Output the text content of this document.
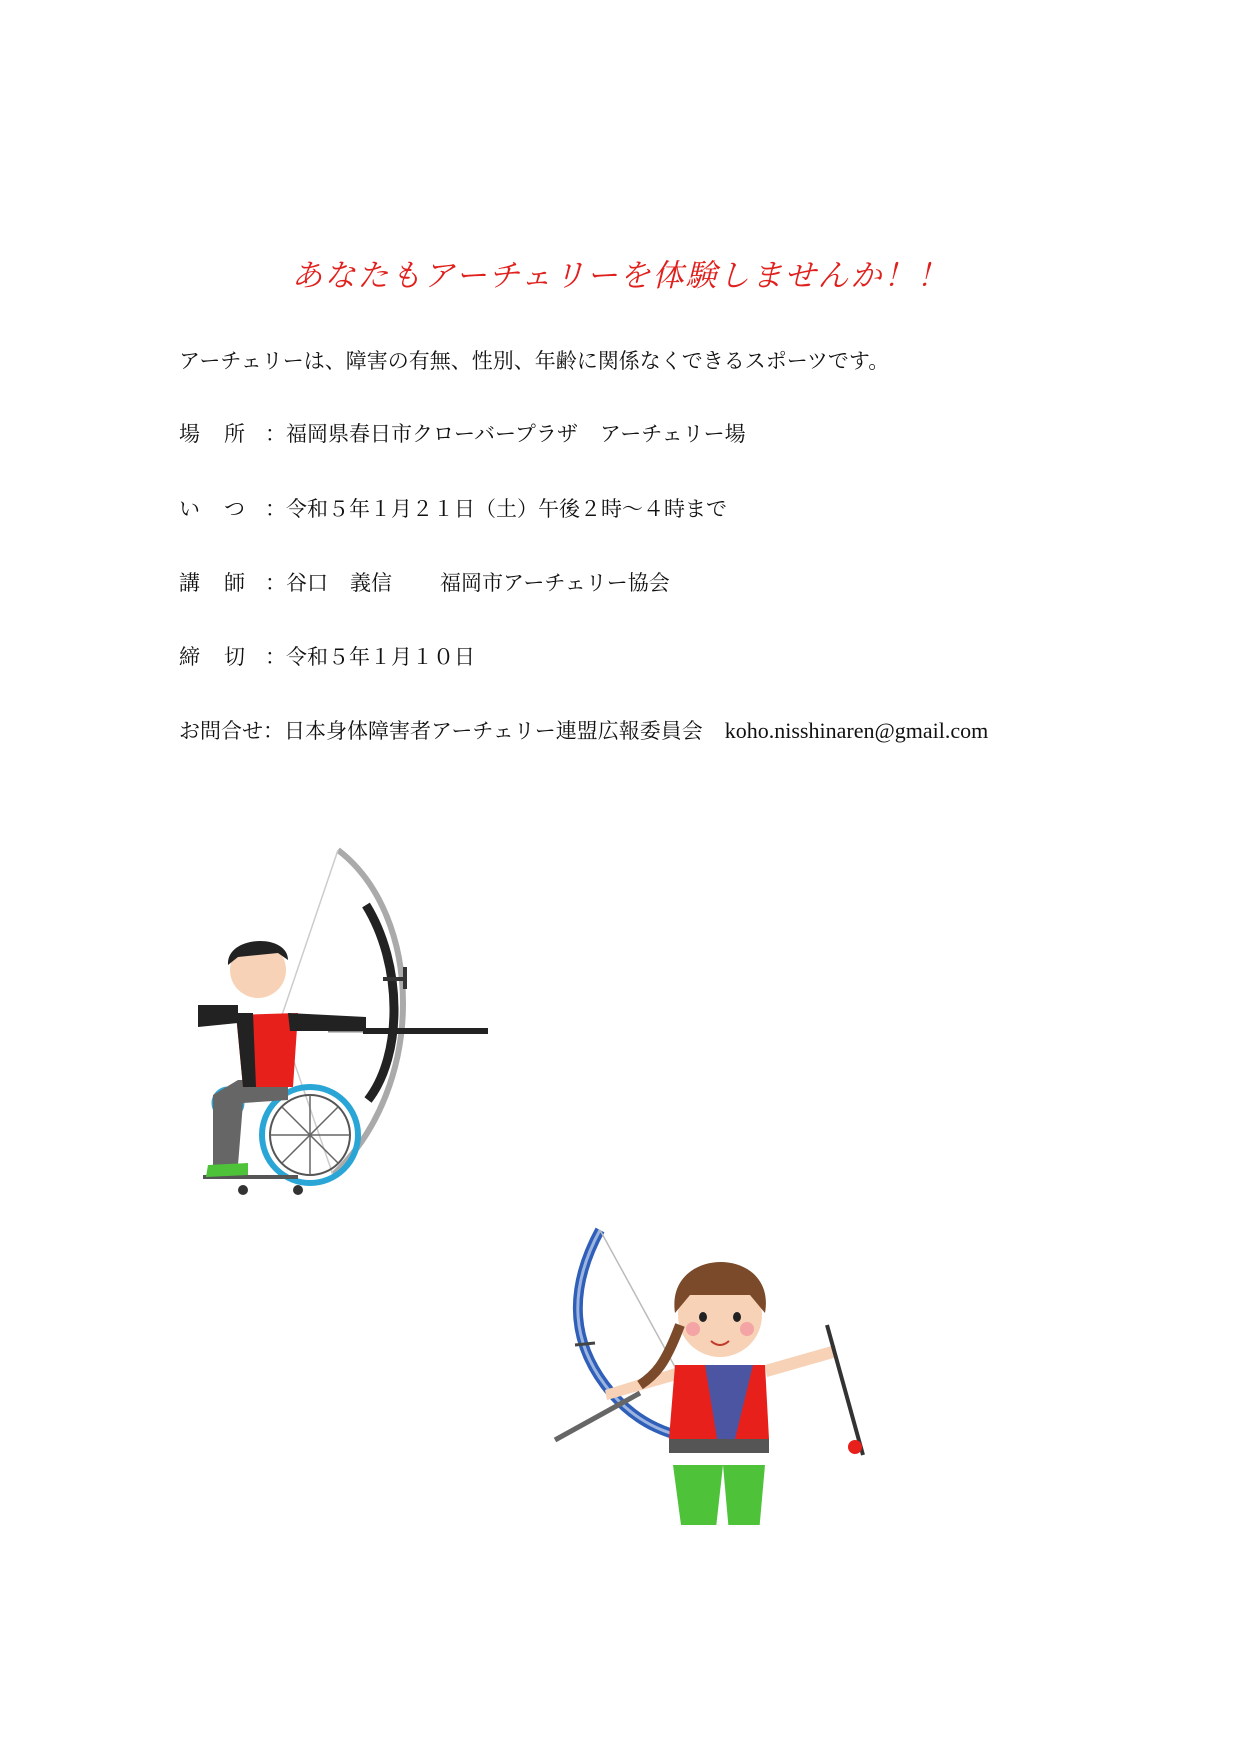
あなたもアーチェリーを体験しませんか！！
アーチェリーは、障害の有無、性別、年齢に関係なくできるスポーツです。
場 所 ：福岡県春日市クローバープラザ アーチェリー場
い つ ：令和５年１月２１日（土）午後２時～４時まで
講 師 ：谷口 義信 福岡市アーチェリー協会
締 切 ：令和５年１月１０日
お問合せ：日本身体障害者アーチェリー連盟広報委員会 koho.nisshinaren@gmail.com
